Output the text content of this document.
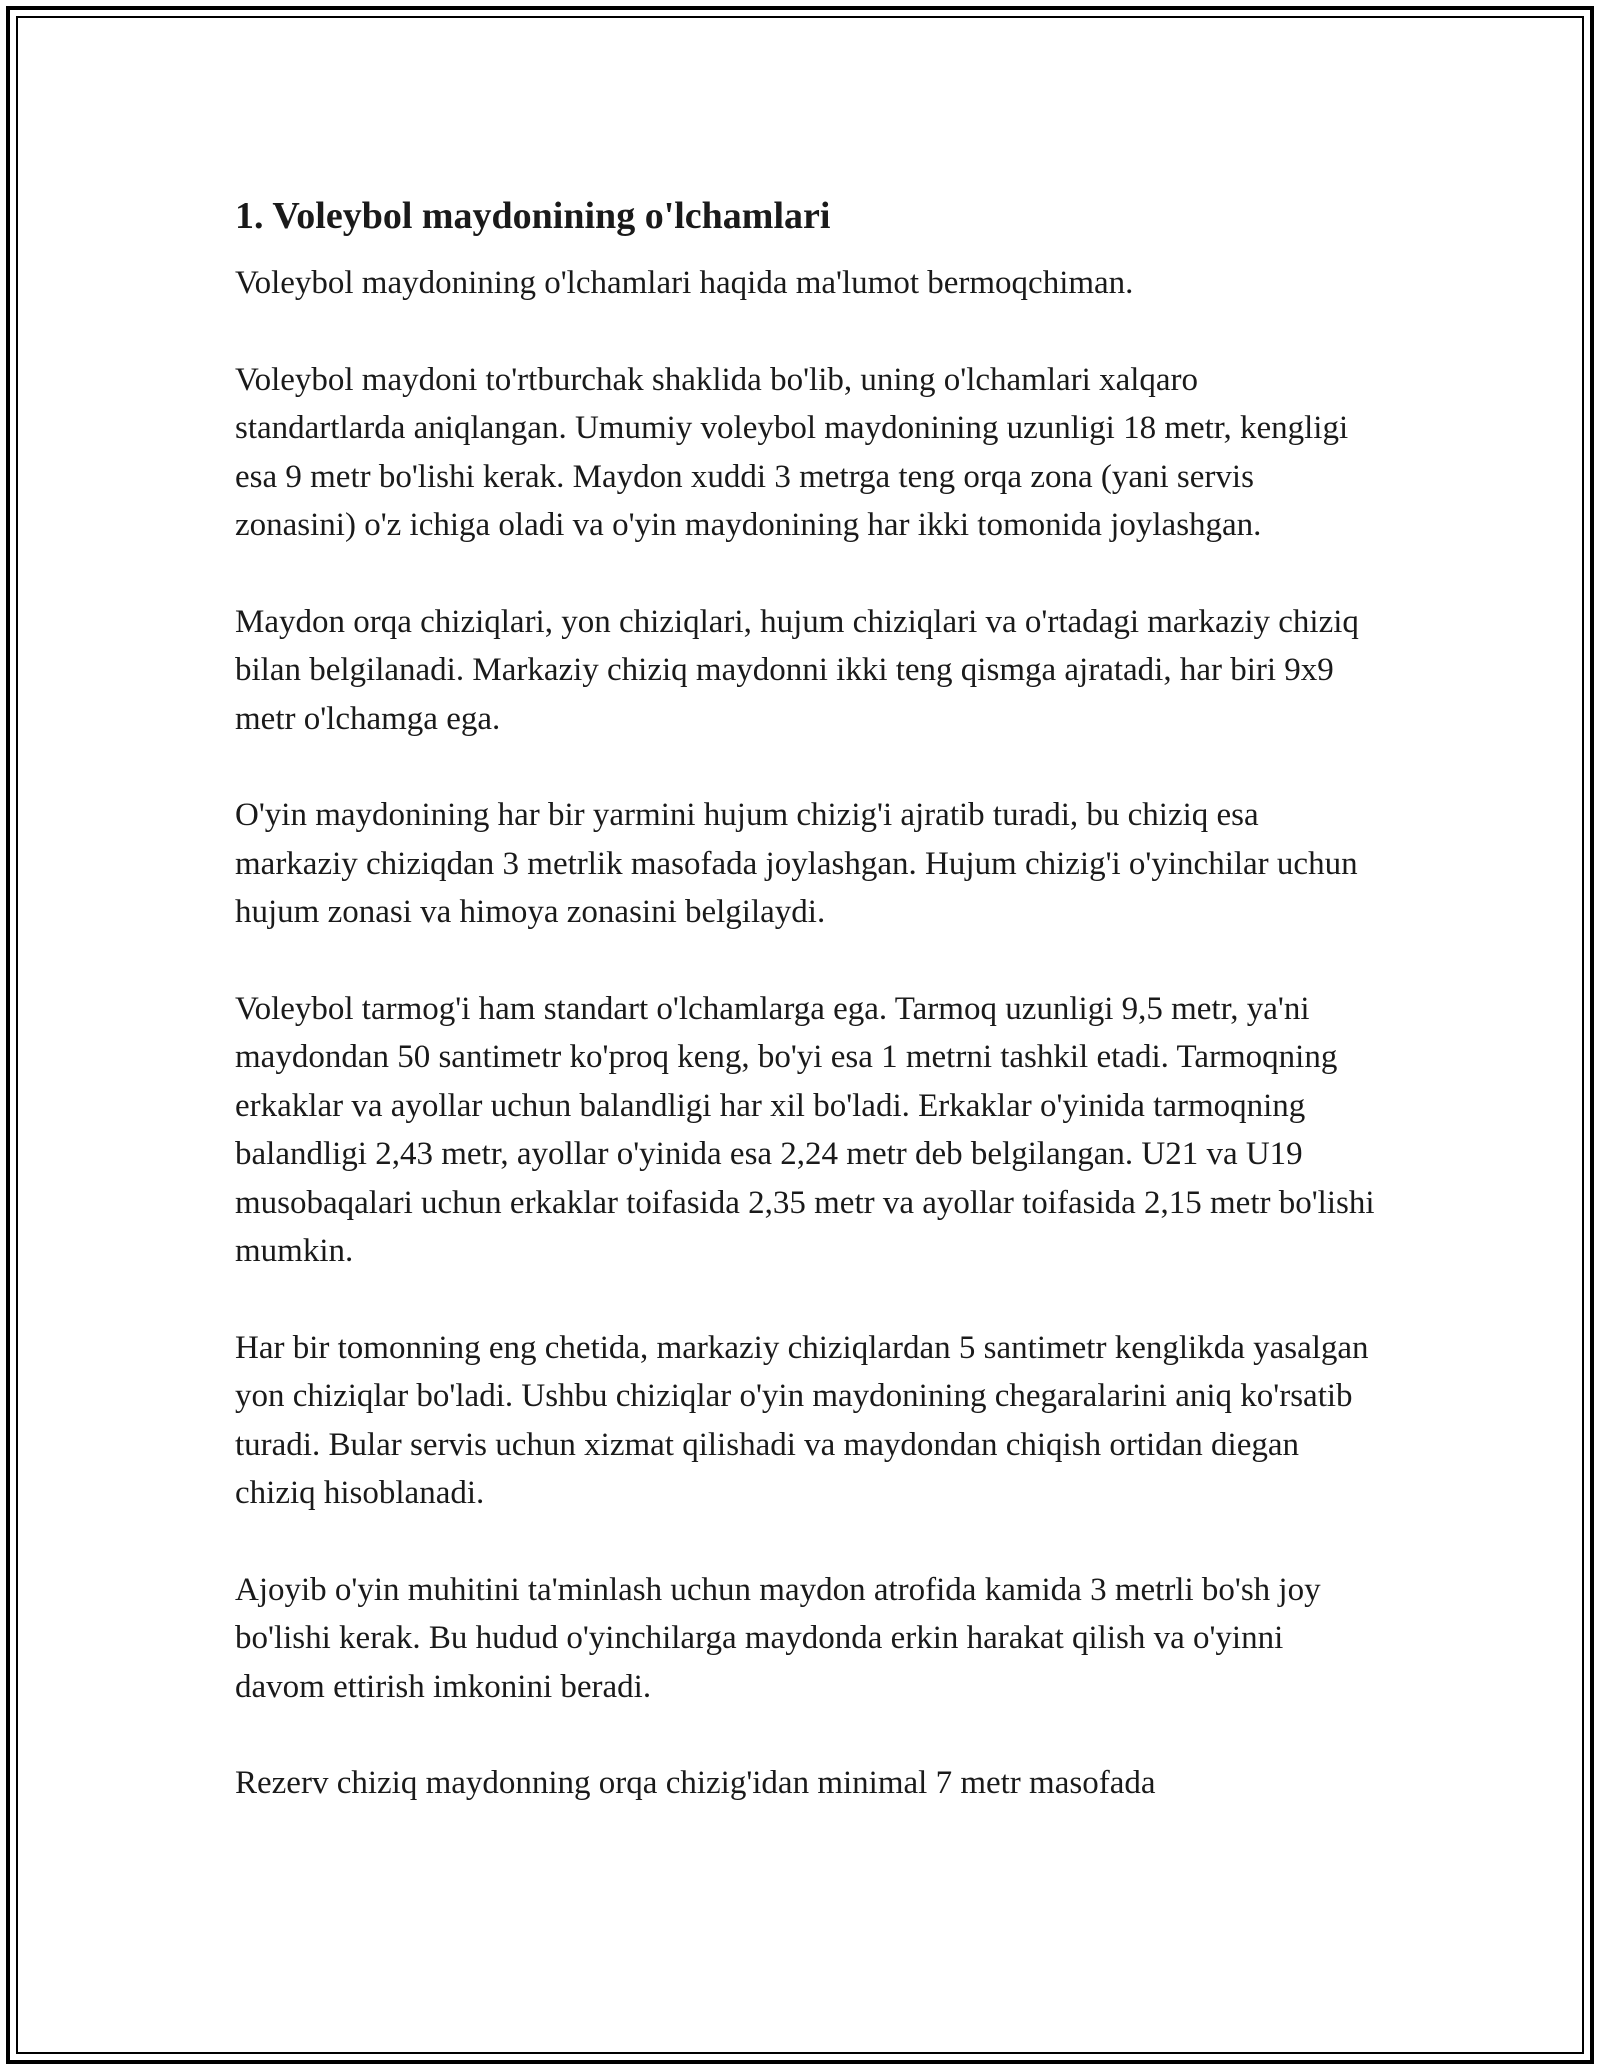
1. Voleybol maydonining o'lchamlari

Voleybol maydonining o'lchamlari haqida ma'lumot bermoqchiman.

Voleybol maydoni to'rtburchak shaklida bo'lib, uning o'lchamlari xalqaro standartlarda aniqlangan. Umumiy voleybol maydonining uzunligi 18 metr, kengligi esa 9 metr bo'lishi kerak. Maydon xuddi 3 metrga teng orqa zona (yani servis zonasini) o'z ichiga oladi va o'yin maydonining har ikki tomonida joylashgan.

Maydon orqa chiziqlari, yon chiziqlari, hujum chiziqlari va o'rtadagi markaziy chiziq bilan belgilanadi. Markaziy chiziq maydonni ikki teng qismga ajratadi, har biri 9x9 metr o'lchamga ega.

O'yin maydonining har bir yarmini hujum chizig'i ajratib turadi, bu chiziq esa markaziy chiziqdan 3 metrlik masofada joylashgan. Hujum chizig'i o'yinchilar uchun hujum zonasi va himoya zonasini belgilaydi.

Voleybol tarmog'i ham standart o'lchamlarga ega. Tarmoq uzunligi 9,5 metr, ya'ni maydondan 50 santimetr ko'proq keng, bo'yi esa 1 metrni tashkil etadi. Tarmoqning erkaklar va ayollar uchun balandligi har xil bo'ladi. Erkaklar o'yinida tarmoqning balandligi 2,43 metr, ayollar o'yinida esa 2,24 metr deb belgilangan. U21 va U19 musobaqalari uchun erkaklar toifasida 2,35 metr va ayollar toifasida 2,15 metr bo'lishi mumkin.

Har bir tomonning eng chetida, markaziy chiziqlardan 5 santimetr kenglikda yasalgan yon chiziqlar bo'ladi. Ushbu chiziqlar o'yin maydonining chegaralarini aniq ko'rsatib turadi. Bular servis uchun xizmat qilishadi va maydondan chiqish ortidan diegan chiziq hisoblanadi.

Ajoyib o'yin muhitini ta'minlash uchun maydon atrofida kamida 3 metrli bo'sh joy bo'lishi kerak. Bu hudud o'yinchilarga maydonda erkin harakat qilish va o'yinni davom ettirish imkonini beradi.

Rezerv chiziq maydonning orqa chizig'idan minimal 7 metr masofada
